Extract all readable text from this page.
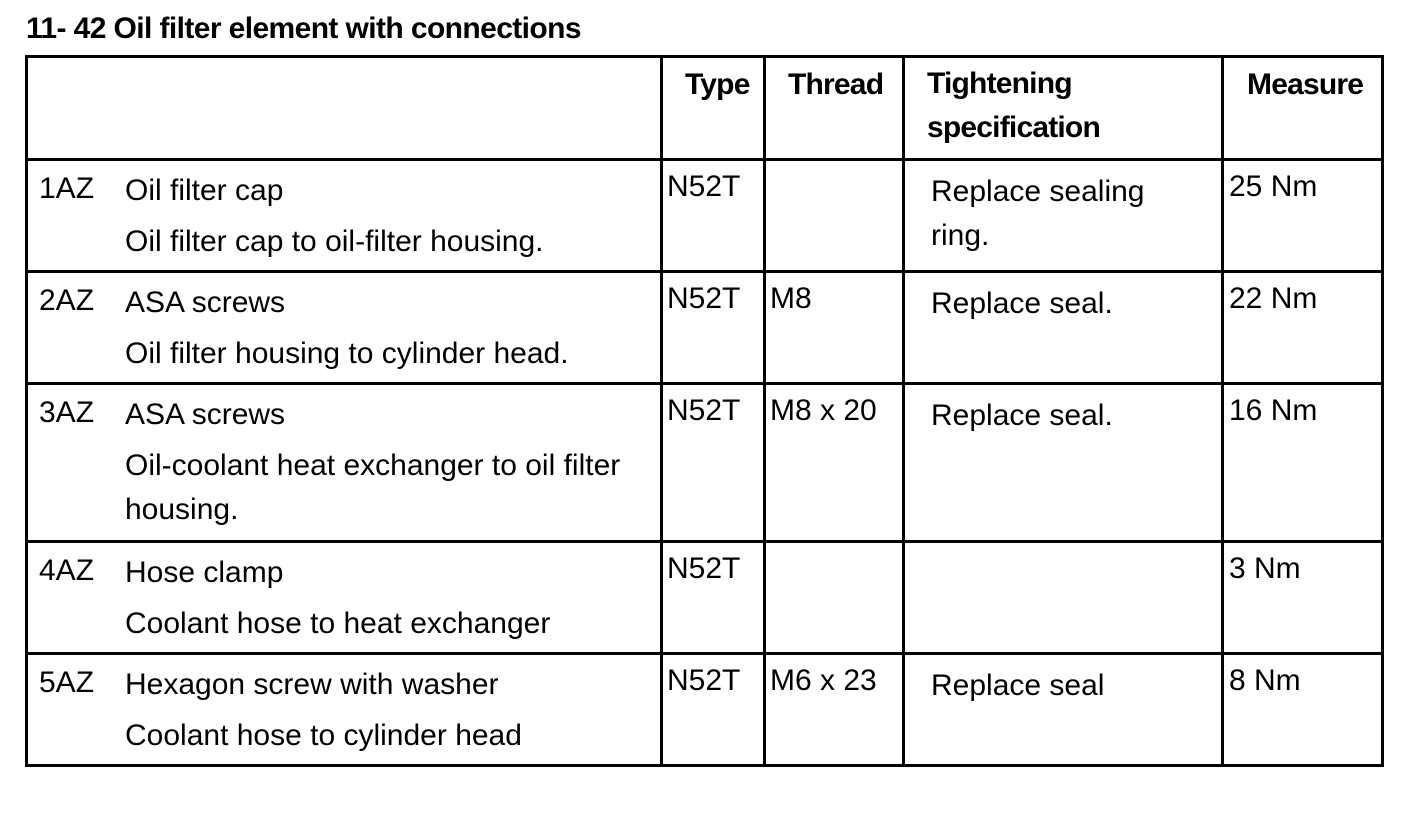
11- 42 Oil filter element with connections
	Type	Thread	Tightening specification	Measure

1AZ Oil filter cap
Oil filter cap to oil-filter housing.	N52T		Replace sealing ring.	25 Nm

2AZ ASA screws
Oil filter housing to cylinder head.	N52T	M8	Replace seal.	22 Nm

3AZ ASA screws
Oil-coolant heat exchanger to oil filter housing.	N52T	M8 x 20	Replace seal.	16 Nm

4AZ Hose clamp
Coolant hose to heat exchanger	N52T			3 Nm

5AZ Hexagon screw with washer
Coolant hose to cylinder head	N52T	M6 x 23	Replace seal	8 Nm
